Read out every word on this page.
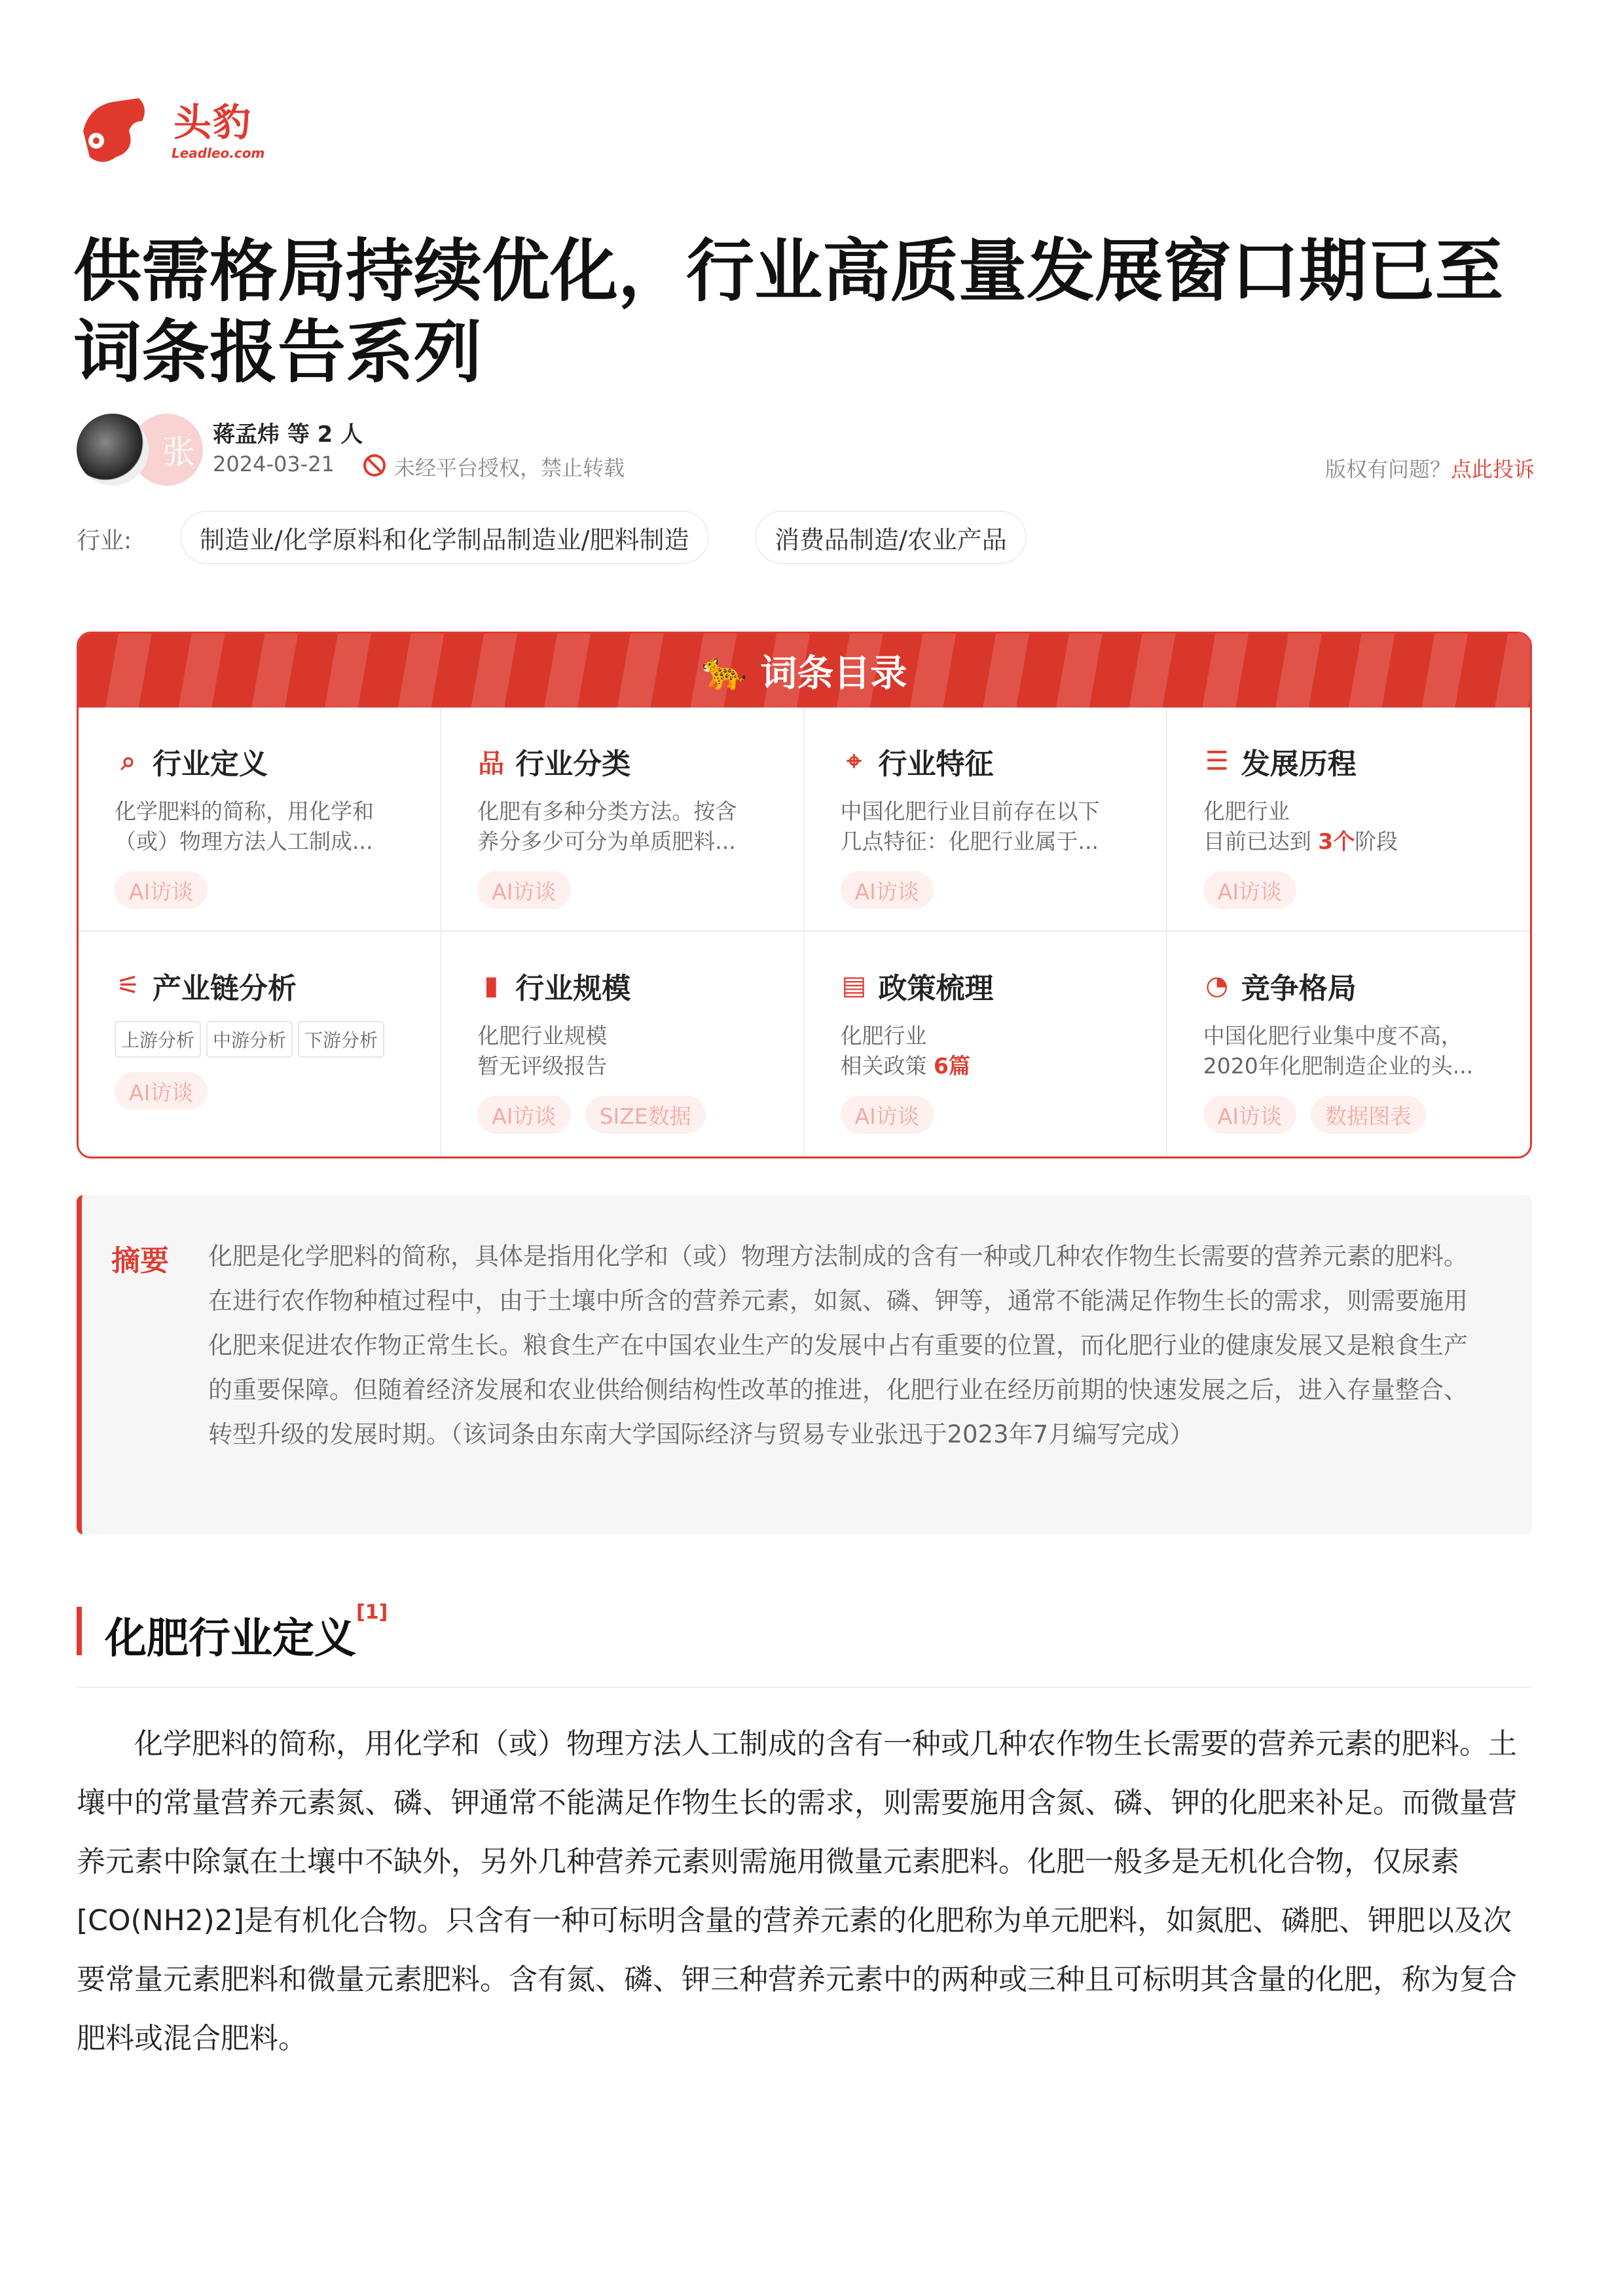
头豹
Leadleo.com
供需格局持续优化，行业高质量发展窗口期已至 词条报告系列
张 蒋孟炜 等 2 人
2024-03-21	未经平台授权，禁止转载	版权有问题？点此投诉
行业:	制造业/化学原料和化学制品制造业/肥料制造	消费品制造/农业产品
🐆 词条目录
⌕ 行业定义
化学肥料的简称，用化学和
（或）物理方法人工制成...
AI访谈
品 行业分类
化肥有多种分类方法。按含
养分多少可分为单质肥料...
AI访谈
⌖ 行业特征
中国化肥行业目前存在以下
几点特征：化肥行业属于...
AI访谈
☰ 发展历程
化肥行业
目前已达到 3个阶段
AI访谈
⚟ 产业链分析
上游分析	中游分析	下游分析
AI访谈
▮ 行业规模
化肥行业规模
暂无评级报告
AI访谈	SIZE数据
▤ 政策梳理
化肥行业
相关政策 6篇
AI访谈
◔ 竞争格局
中国化肥行业集中度不高，
2020年化肥制造企业的头...
AI访谈	数据图表
摘要 化肥是化学肥料的简称，具体是指用化学和（或）物理方法制成的含有一种或几种农作物生长需要的营养元素的肥料。在进行农作物种植过程中，由于土壤中所含的营养元素，如氮、磷、钾等，通常不能满足作物生长的需求，则需要施用化肥来促进农作物正常生长。粮食生产在中国农业生产的发展中占有重要的位置，而化肥行业的健康发展又是粮食生产的重要保障。但随着经济发展和农业供给侧结构性改革的推进，化肥行业在经历前期的快速发展之后，进入存量整合、转型升级的发展时期。（该词条由东南大学国际经济与贸易专业张迅于2023年7月编写完成）
化肥行业定义[1]

化学肥料的简称，用化学和（或）物理方法人工制成的含有一种或几种农作物生长需要的营养元素的肥料。土壤中的常量营养元素氮、磷、钾通常不能满足作物生长的需求，则需要施用含氮、磷、钾的化肥来补足。而微量营养元素中除氯在土壤中不缺外，另外几种营养元素则需施用微量元素肥料。化肥一般多是无机化合物，仅尿素[CO(NH2)2]是有机化合物。只含有一种可标明含量的营养元素的化肥称为单元肥料，如氮肥、磷肥、钾肥以及次要常量元素肥料和微量元素肥料。含有氮、磷、钾三种营养元素中的两种或三种且可标明其含量的化肥，称为复合肥料或混合肥料。
